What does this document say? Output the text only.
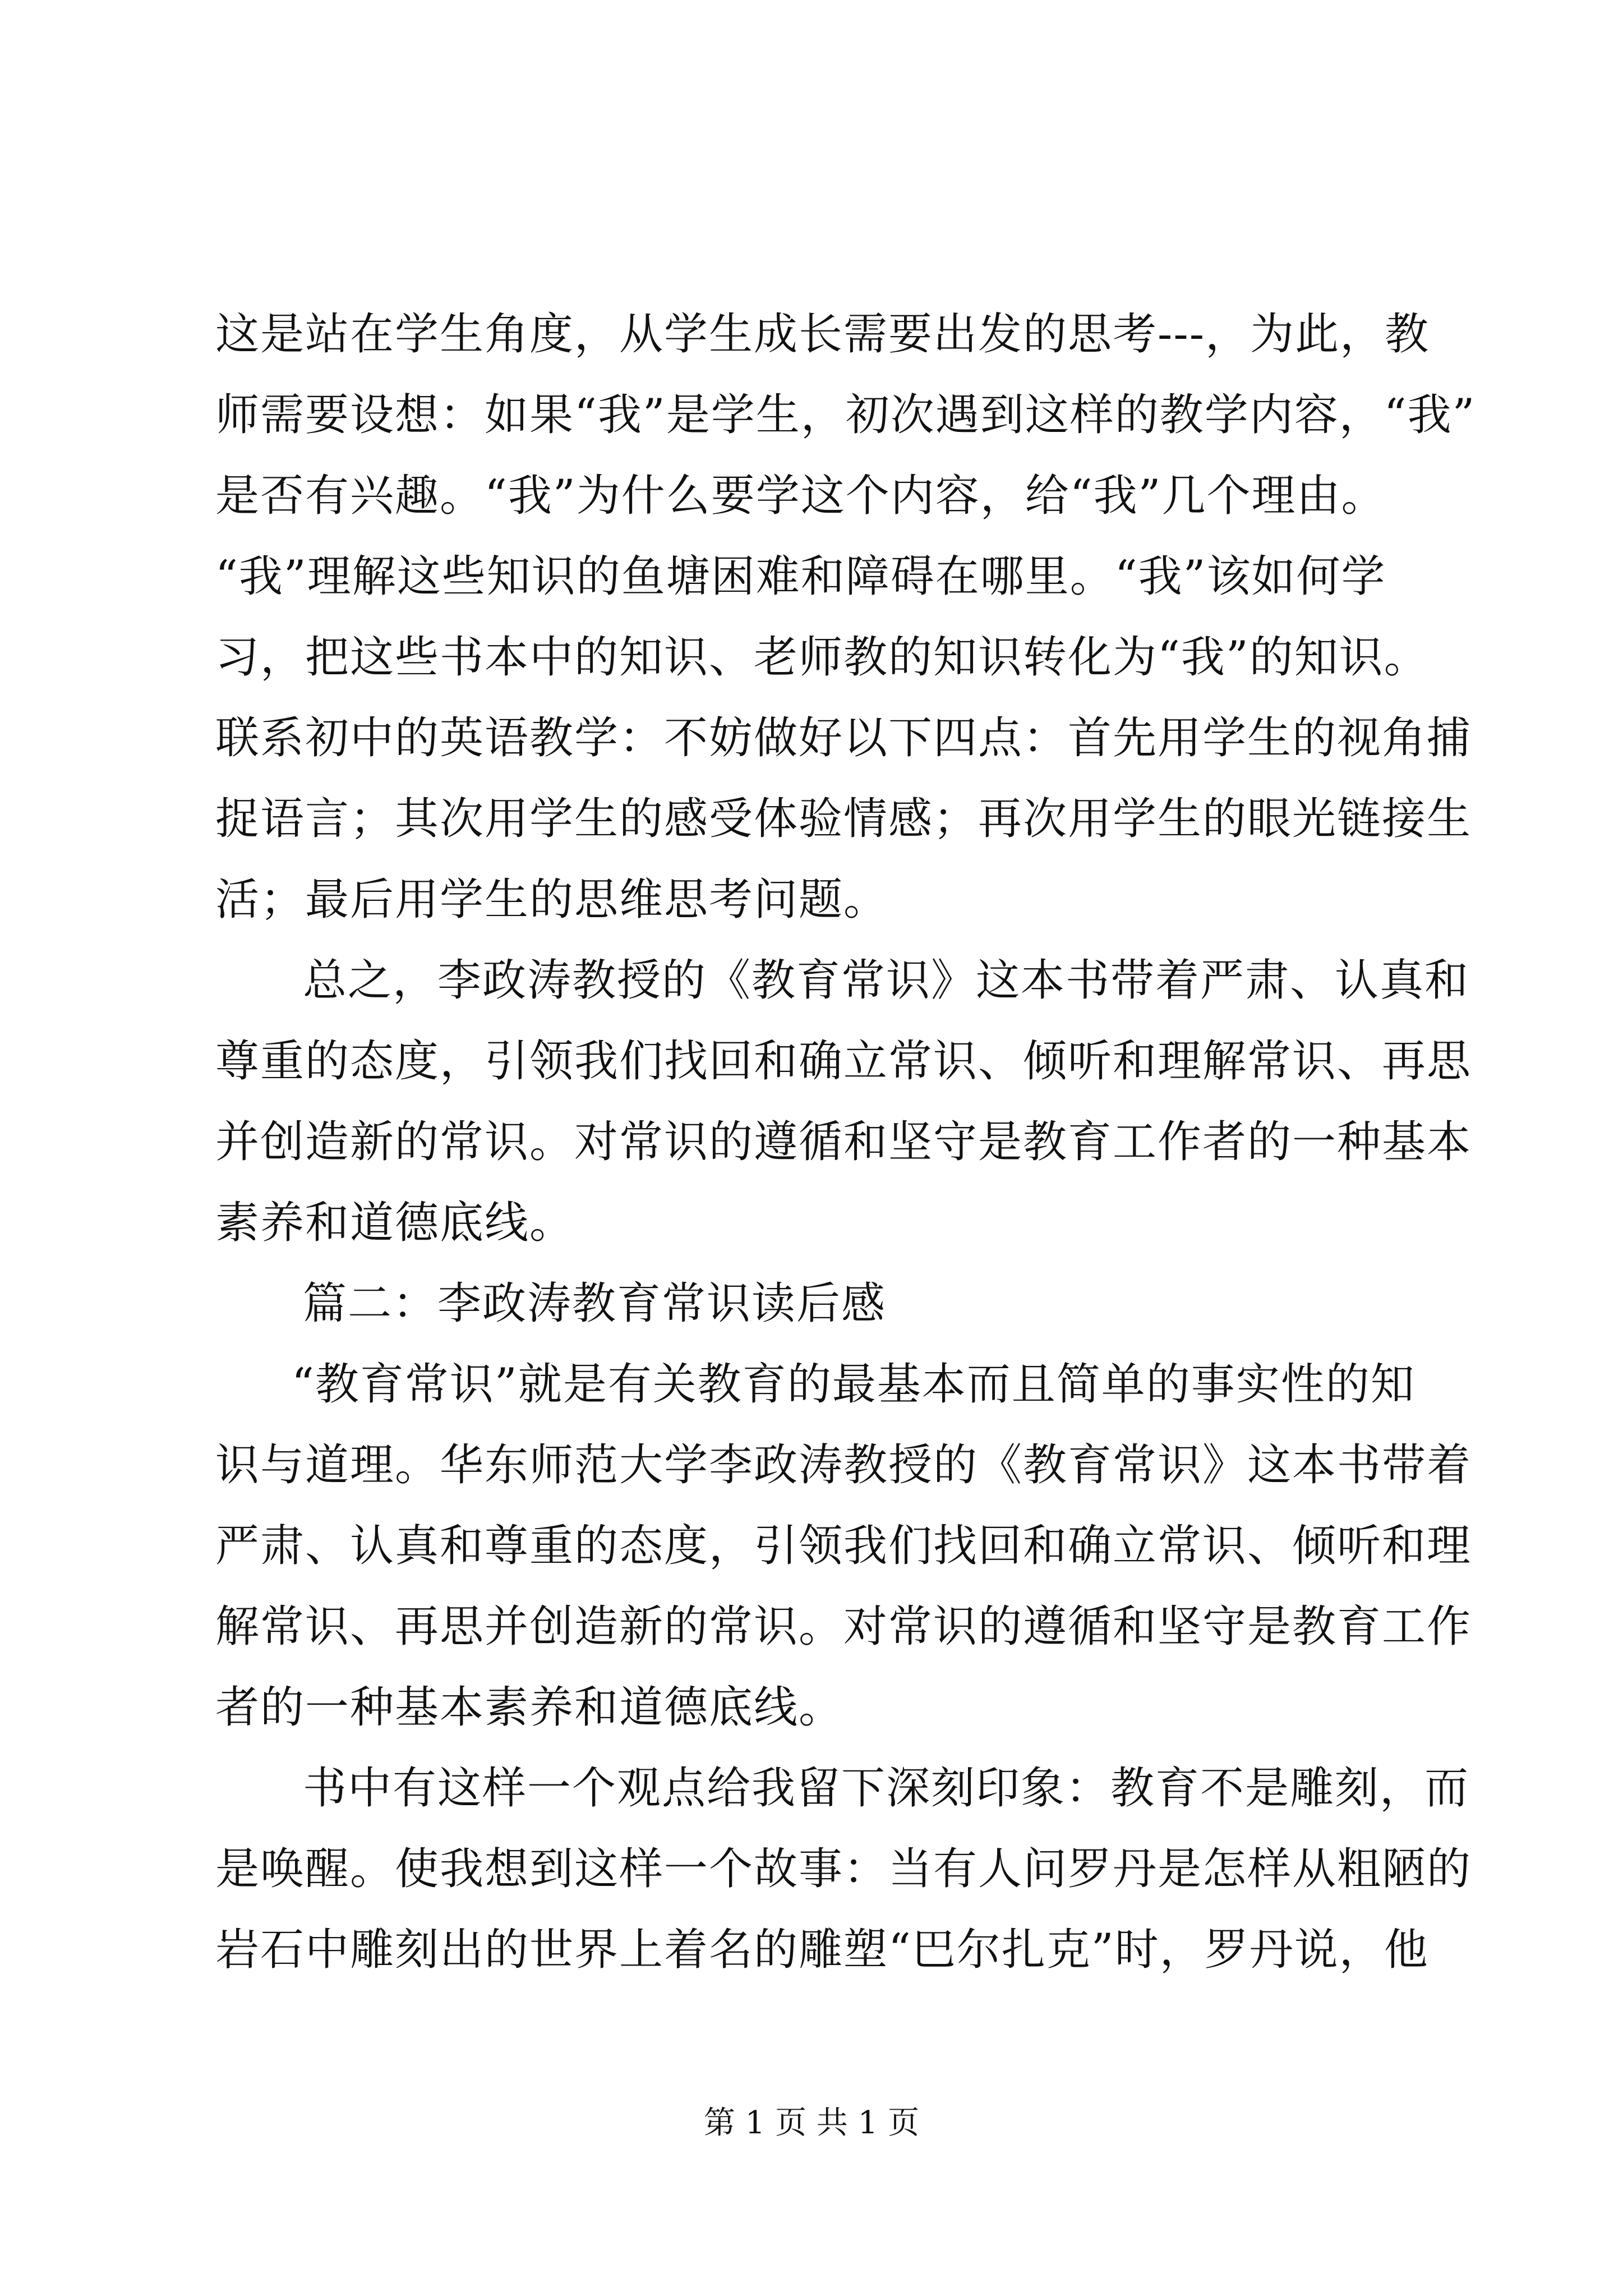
这是站在学生角度，从学生成长需要出发的思考---，为此，教
师需要设想：如果“我”是学生，初次遇到这样的教学内容，“我”
是否有兴趣。“我”为什么要学这个内容，给“我”几个理由。
“我”理解这些知识的鱼塘困难和障碍在哪里。“我”该如何学
习，把这些书本中的知识、老师教的知识转化为“我”的知识。
联系初中的英语教学：不妨做好以下四点：首先用学生的视角捕
捉语言；其次用学生的感受体验情感；再次用学生的眼光链接生
活；最后用学生的思维思考问题。
总之，李政涛教授的《教育常识》这本书带着严肃、认真和
尊重的态度，引领我们找回和确立常识、倾听和理解常识、再思
并创造新的常识。对常识的遵循和坚守是教育工作者的一种基本
素养和道德底线。
篇二：李政涛教育常识读后感
“教育常识”就是有关教育的最基本而且简单的事实性的知
识与道理。华东师范大学李政涛教授的《教育常识》这本书带着
严肃、认真和尊重的态度，引领我们找回和确立常识、倾听和理
解常识、再思并创造新的常识。对常识的遵循和坚守是教育工作
者的一种基本素养和道德底线。
书中有这样一个观点给我留下深刻印象：教育不是雕刻，而
是唤醒。使我想到这样一个故事：当有人问罗丹是怎样从粗陋的
岩石中雕刻出的世界上着名的雕塑“巴尔扎克”时，罗丹说，他
第 1 页 共 1 页
